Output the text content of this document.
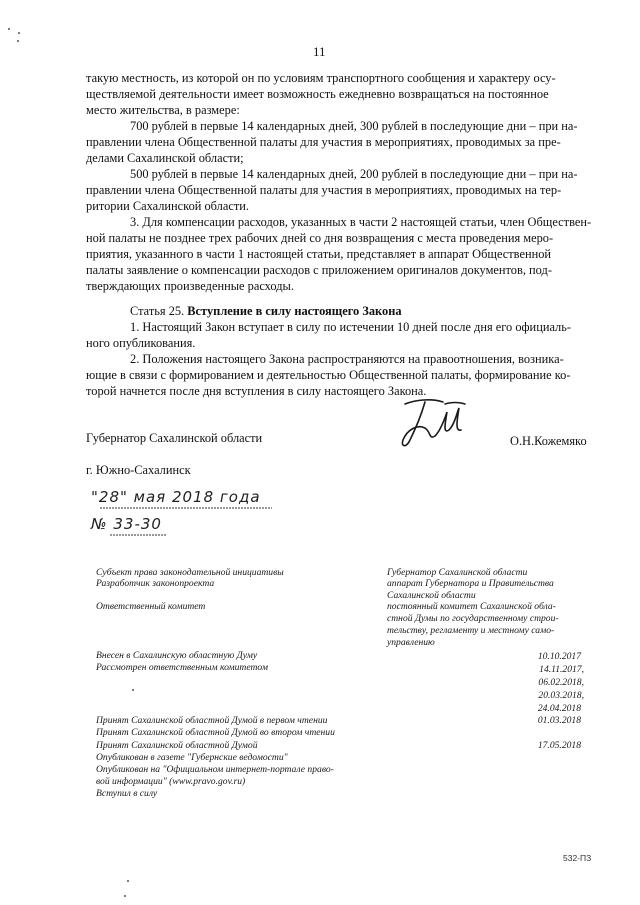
11
такую местность, из которой он по условиям транспортного сообщения и характеру осу-
ществляемой деятельности имеет возможность ежедневно возвращаться на постоянное
место жительства, в размере:
700 рублей в первые 14 календарных дней, 300 рублей в последующие дни – при на-
правлении члена Общественной палаты для участия в мероприятиях, проводимых за пре-
делами Сахалинской области;
500 рублей в первые 14 календарных дней, 200 рублей в последующие дни – при на-
правлении члена Общественной палаты для участия в мероприятиях, проводимых на тер-
ритории Сахалинской области.
3. Для компенсации расходов, указанных в части 2 настоящей статьи, член Обществен-
ной палаты не позднее трех рабочих дней со дня возвращения с места проведения меро-
приятия, указанного в части 1 настоящей статьи, представляет в аппарат Общественной
палаты заявление о компенсации расходов с приложением оригиналов документов, под-
тверждающих произведенные расходы.
Статья 25. Вступление в силу настоящего Закона
1. Настоящий Закон вступает в силу по истечении 10 дней после дня его официаль-
ного опубликования.
2. Положения настоящего Закона распространяются на правоотношения, возника-
ющие в связи с формированием и деятельностью Общественной палаты, формирование ко-
торой начнется после дня вступления в силу настоящего Закона.
Губернатор Сахалинской области	О.Н.Кожемяко
г. Южно-Сахалинск
"28" мая 2018 года
№ 33-30
Субъект права законодательной инициативы
Разработчик законопроекта
Ответственный комитет
Внесен в Сахалинскую областную Думу
Рассмотрен ответственным комитетом
Принят Сахалинской областной Думой в первом чтении
Принят Сахалинской областной Думой во втором чтении
Принят Сахалинской областной Думой
Опубликован в газете "Губернские ведомости"
Опубликован на "Официальном интернет-портале право-
вой информации" (www.pravo.gov.ru)
Вступил в силу
Губернатор Сахалинской области
аппарат Губернатора и Правительства
Сахалинской области
постоянный комитет Сахалинской обла-
стной Думы по государственному строи-
тельству, регламенту и местному само-
управлению
10.10.2017
14.11.2017,
06.02.2018,
20.03.2018,
24.04.2018
01.03.2018
17.05.2018
532-ПЗ
